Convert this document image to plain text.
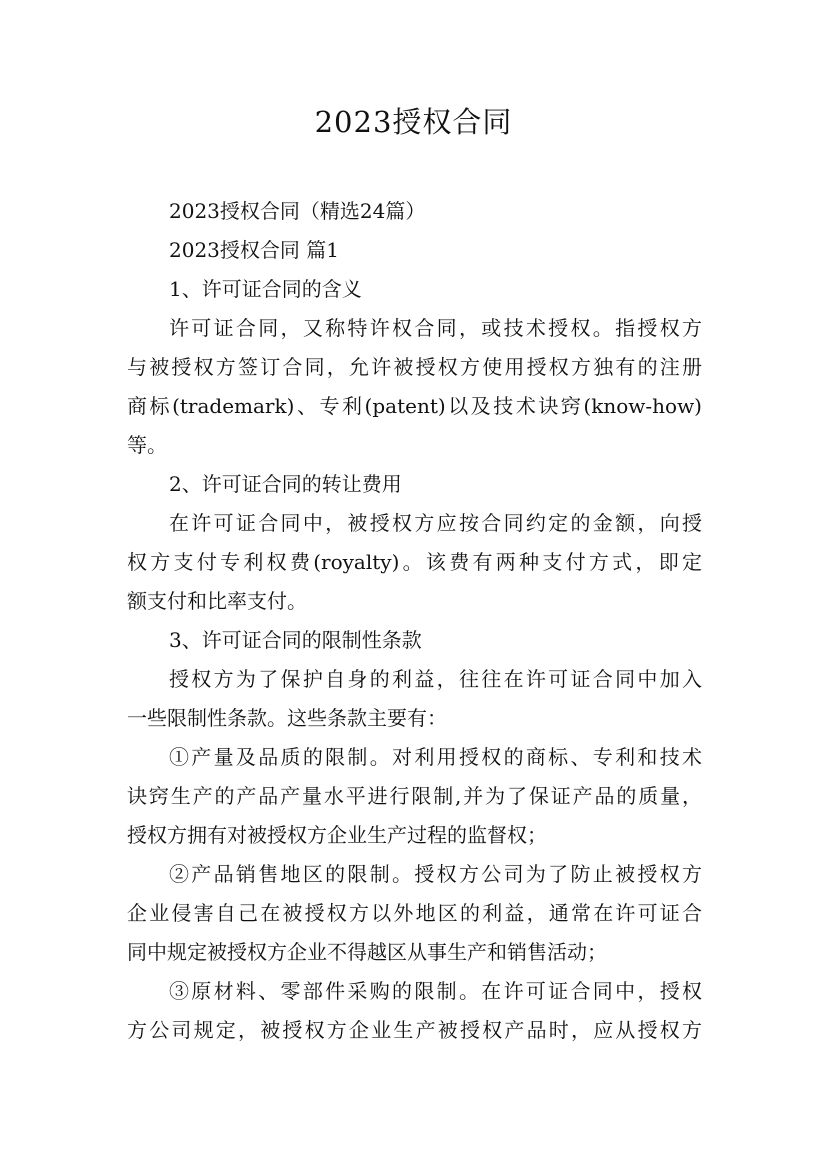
2023授权合同
2023授权合同（精选24篇）
2023授权合同 篇1
1、许可证合同的含义
许可证合同，又称特许权合同，或技术授权。指授权方
与被授权方签订合同，允许被授权方使用授权方独有的注册
商标(trademark)、专利(patent)以及技术诀窍(know-how)
等。
2、许可证合同的转让费用
在许可证合同中，被授权方应按合同约定的金额，向授
权方支付专利权费(royalty)。该费有两种支付方式，即定
额支付和比率支付。
3、许可证合同的限制性条款
授权方为了保护自身的利益，往往在许可证合同中加入
一些限制性条款。这些条款主要有：
①产量及品质的限制。对利用授权的商标、专利和技术
诀窍生产的产品产量水平进行限制,并为了保证产品的质量，
授权方拥有对被授权方企业生产过程的监督权；
②产品销售地区的限制。授权方公司为了防止被授权方
企业侵害自己在被授权方以外地区的利益，通常在许可证合
同中规定被授权方企业不得越区从事生产和销售活动；
③原材料、零部件采购的限制。在许可证合同中，授权
方公司规定，被授权方企业生产被授权产品时，应从授权方
